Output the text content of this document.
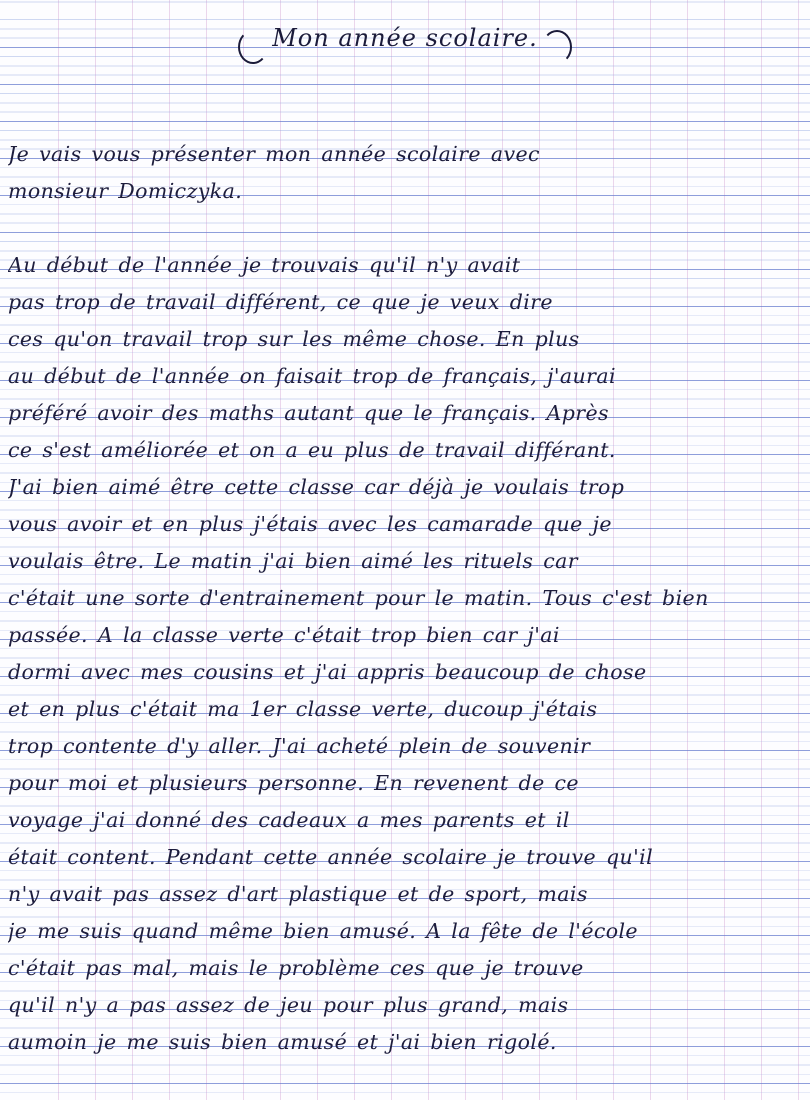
Mon année scolaire.
Je vais vous présenter mon année scolaire avec
monsieur Domiczyka.
Au début de l'année je trouvais qu'il n'y avait
pas trop de travail différent, ce que je veux dire
ces qu'on travail trop sur les même chose. En plus
au début de l'année on faisait trop de français, j'aurai
préféré avoir des maths autant que le français. Après
ce s'est améliorée et on a eu plus de travail différant.
J'ai bien aimé être cette classe car déjà je voulais trop
vous avoir et en plus j'étais avec les camarade que je
voulais être. Le matin j'ai bien aimé les rituels car
c'était une sorte d'entrainement pour le matin. Tous c'est bien
passée. A la classe verte c'était trop bien car j'ai
dormi avec mes cousins et j'ai appris beaucoup de chose
et en plus c'était ma 1er classe verte, ducoup j'étais
trop contente d'y aller. J'ai acheté plein de souvenir
pour moi et plusieurs personne. En revenent de ce
voyage j'ai donné des cadeaux a mes parents et il
était content. Pendant cette année scolaire je trouve qu'il
n'y avait pas assez d'art plastique et de sport, mais
je me suis quand même bien amusé. A la fête de l'école
c'était pas mal, mais le problème ces que je trouve
qu'il n'y a pas assez de jeu pour plus grand, mais
aumoin je me suis bien amusé et j'ai bien rigolé.
